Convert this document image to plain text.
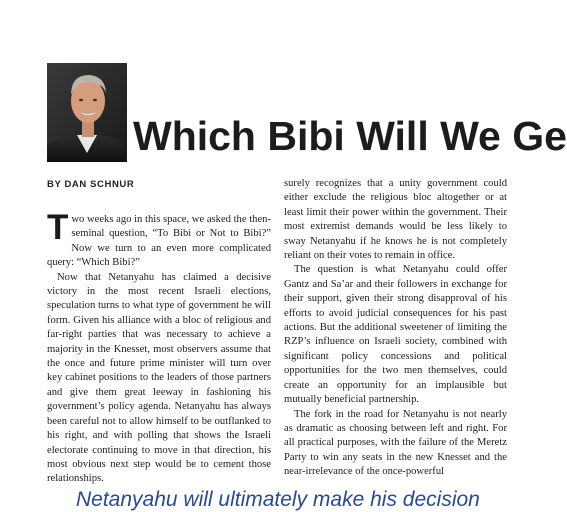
Which Bibi Will We Ge
BY DAN SCHNUR

Two weeks ago in this space, we asked the then-seminal question, “To Bibi or Not to Bibi?” Now we turn to an even more complicated query: “Which Bibi?”

Now that Netanyahu has claimed a decisive victory in the most recent Israeli elections, speculation turns to what type of government he will form. Given his alliance with a bloc of religious and far-right parties that was necessary to achieve a majority in the Knesset, most observers assume that the once and future prime minister will turn over key cabinet positions to the leaders of those partners and give them great leeway in fashioning his government’s policy agenda. Netanyahu has always been careful not to allow himself to be outflanked to his right, and with polling that shows the Israeli electorate continuing to move in that direction, his most obvious next step would be to cement those relationships.

surely recognizes that a unity government could either exclude the religious bloc altogether or at least limit their power within the government. Their most extremist demands would be less likely to sway Netanyahu if he knows he is not completely reliant on their votes to remain in office.

The question is what Netanyahu could offer Gantz and Sa’ar and their followers in exchange for their support, given their strong disapproval of his efforts to avoid judicial consequences for his past actions. But the additional sweetener of limiting the RZP’s influence on Israeli society, combined with significant policy concessions and political opportunities for the two men themselves, could create an opportunity for an implausible but mutually beneficial partnership.

The fork in the road for Netanyahu is not nearly as dramatic as choosing between left and right. For all practical purposes, with the failure of the Meretz Party to win any seats in the new Knesset and the near-irrelevance of the once-powerful

Netanyahu will ultimately make his decision
